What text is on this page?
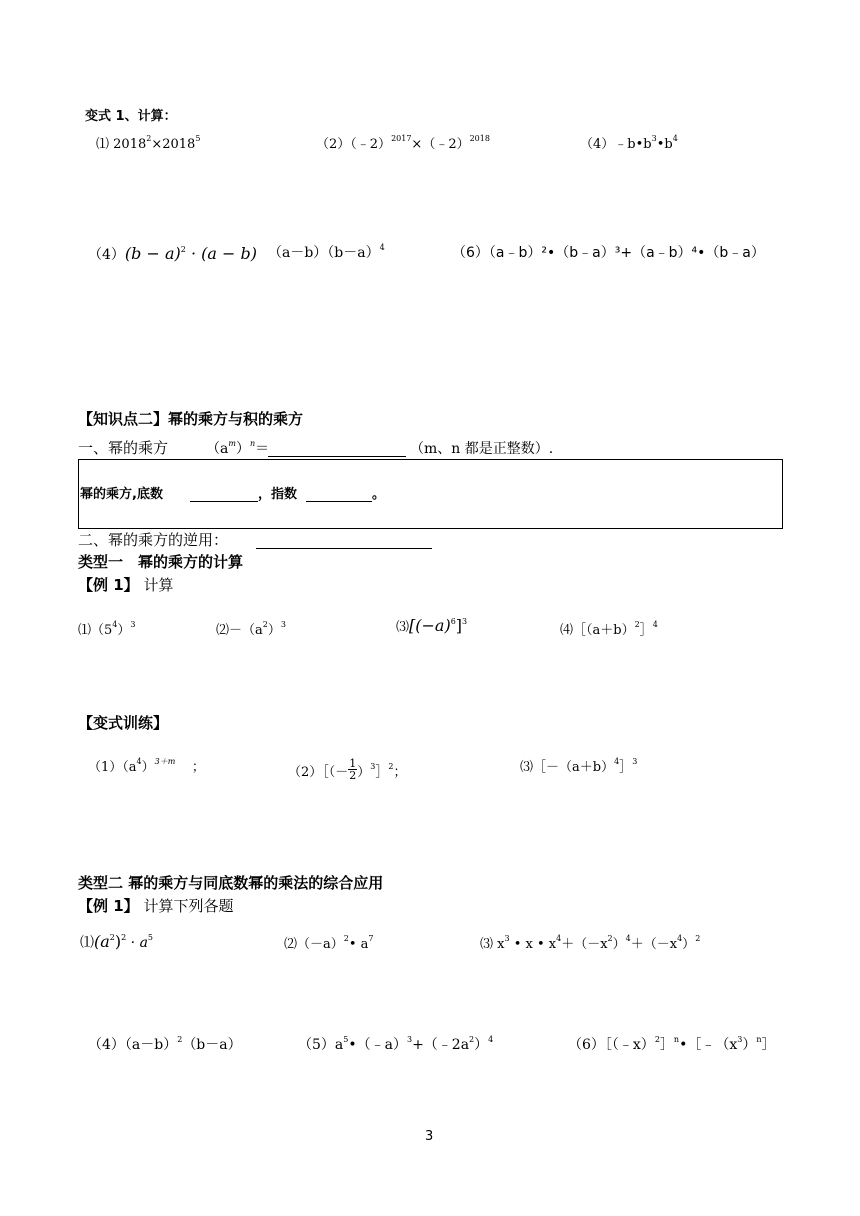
变式 1、计算：
⑴ $2018^2\times 2018^5$	（2）（﹣2）$^{2017}$×（﹣2）$^{2018}$	$(4)﹣b•b^3•b^4$
$(4)(b - a)^2 \cdot (a - b)$ $(a-b)(b-a)^4$	（6）（a﹣b）²•（b﹣a）³+（a﹣b）⁴•（b﹣a）
【知识点二】幂的乘方与积的乘方
一、幂的乘方	$(a^m)^n=$	（m、n 都是正整数）.
幂的乘方,底数	，指数	。
二、幂的乘方的逆用：
类型一　幂的乘方的计算
【例 1】 计算
$⑴(5^4)^3$	$⑵-(a^2)^3$	$⑶[(-a)^6]^3$
$⑷[(a+b)^2]^4$
【变式训练】
$(1)(a^4)^{3+m}$ ；	（2）［（－ $\frac{1}{2}$ ）$^3$］$^2$；	$⑶[-(a+b)^4]^3$
类型二 幂的乘方与同底数幂的乘法的综合应用
【例 1】 计算下列各题
$⑴(a^2)^2 \cdot a^5$	$⑵(-a)^2•$ $a^7$	⑶ $x^3$ • x • $x^4+(-x^2)^4+(-x^4)^2$
$(4)(a-b)^2(b-a)$	$(5)a^5•(﹣a)^3+(﹣2a^2)^4$	$(6)[(﹣x)^2]^n•[﹣(x^3)^n]$
3
